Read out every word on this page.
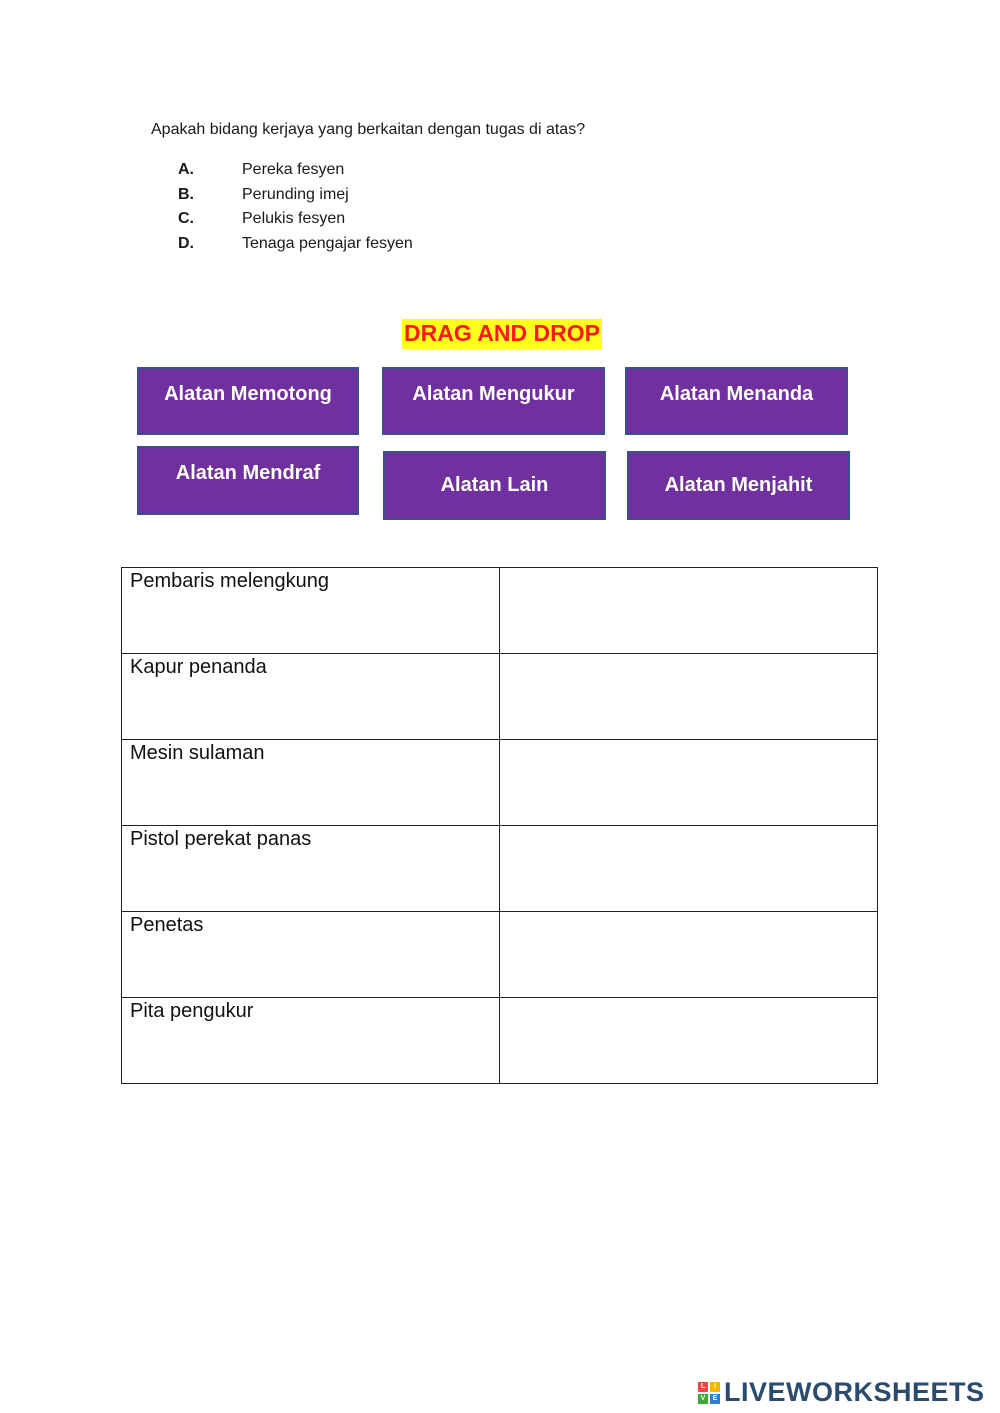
Apakah bidang kerjaya yang berkaitan dengan tugas di atas?
A.	Pereka fesyen
B.	Perunding imej
C.	Pelukis fesyen
D.	Tenaga pengajar fesyen
DRAG AND DROP
Alatan Memotong	Alatan Mengukur	Alatan Menanda
Alatan Mendraf
Alatan Lain	Alatan Menjahit
Pembaris melengkung	
Kapur penanda	
Mesin sulaman	
Pistol perekat panas	
Penetas	
Pita pengukur	
L	I
V	E LIVEWORKSHEETS
